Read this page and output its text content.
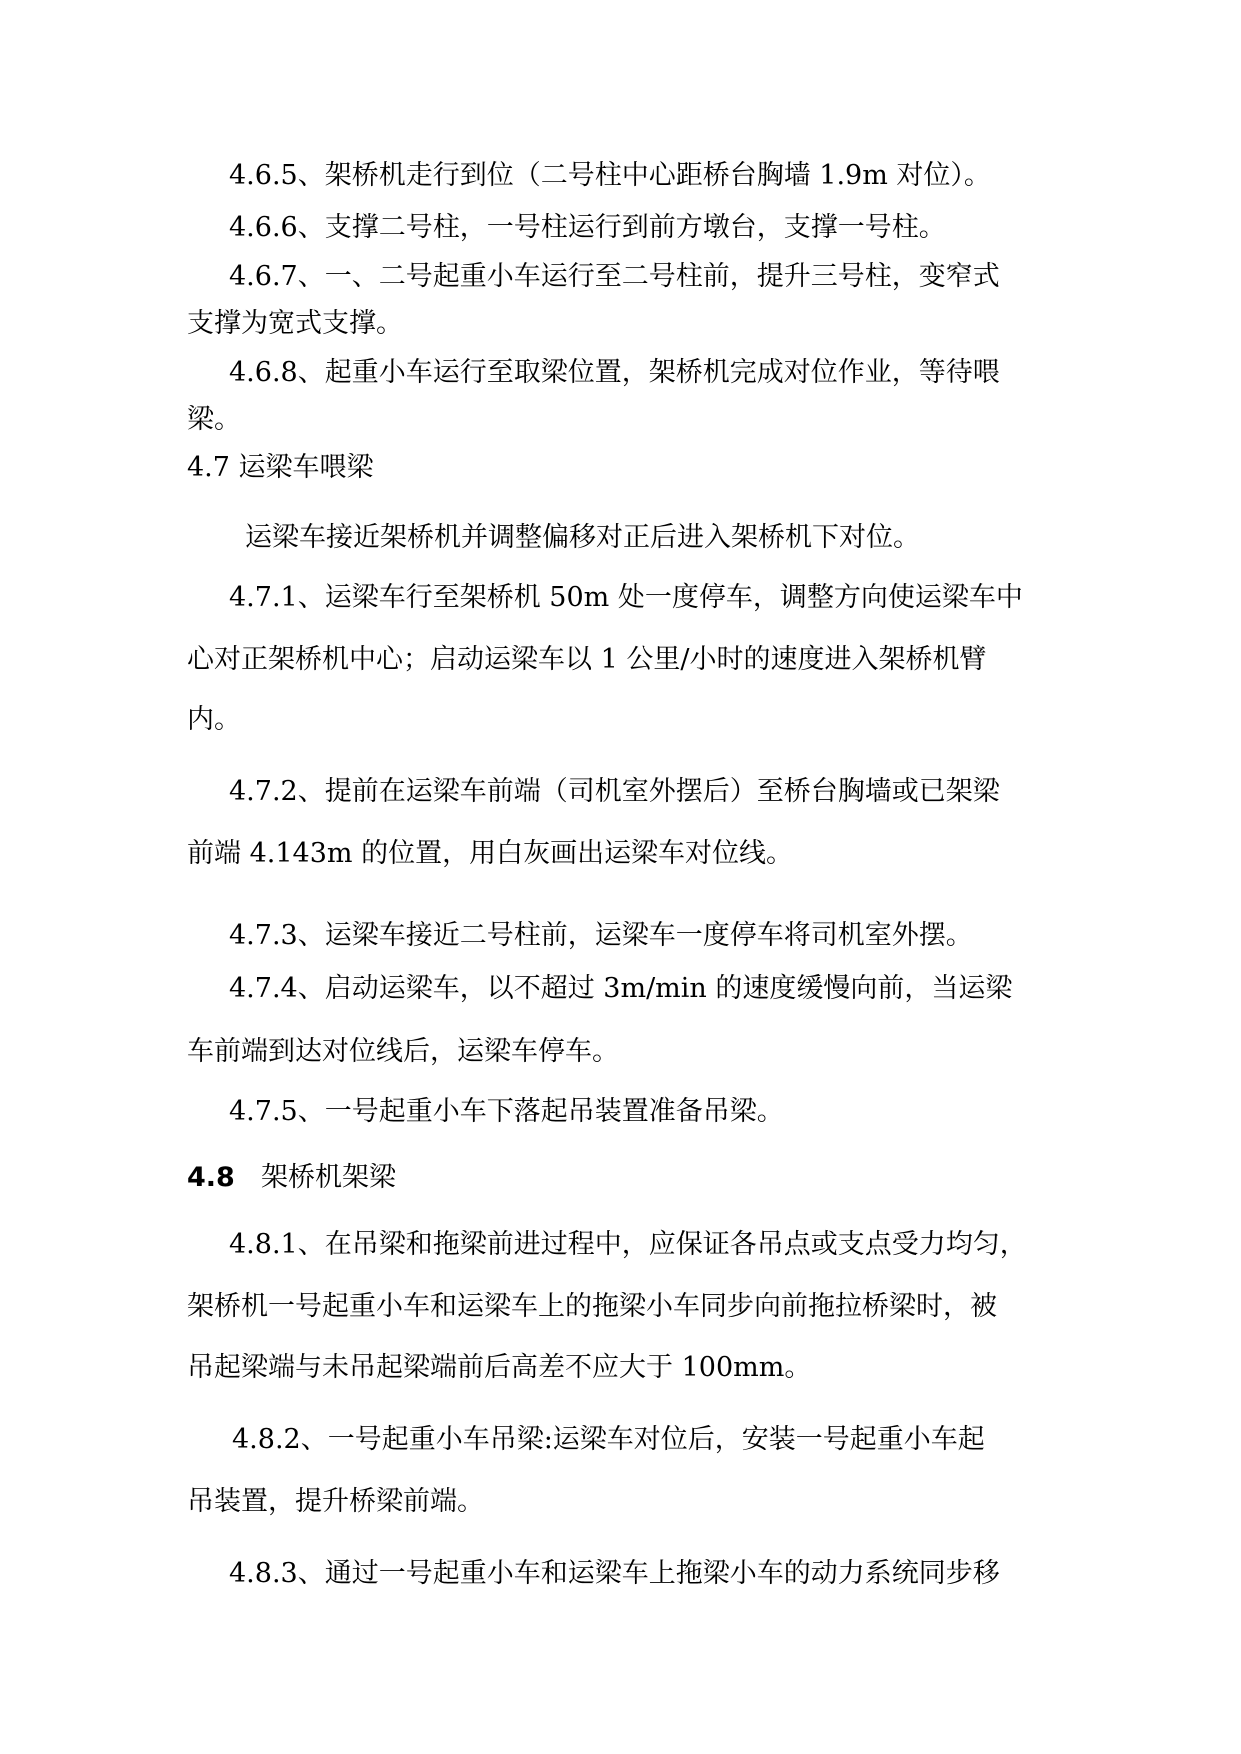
4.6.5、架桥机走行到位（二号柱中心距桥台胸墙 1.9m 对位）。
4.6.6、支撑二号柱，一号柱运行到前方墩台，支撑一号柱。
4.6.7、一、二号起重小车运行至二号柱前，提升三号柱，变窄式
支撑为宽式支撑。
4.6.8、起重小车运行至取梁位置，架桥机完成对位作业，等待喂
梁。
4.7 运梁车喂梁
运梁车接近架桥机并调整偏移对正后进入架桥机下对位。
4.7.1、运梁车行至架桥机 50m 处一度停车，调整方向使运梁车中
心对正架桥机中心；启动运梁车以 1 公里/小时的速度进入架桥机臂
内。
4.7.2、提前在运梁车前端（司机室外摆后）至桥台胸墙或已架梁
前端 4.143m 的位置，用白灰画出运梁车对位线。
4.7.3、运梁车接近二号柱前，运梁车一度停车将司机室外摆。
4.7.4、启动运梁车，以不超过 3m/min 的速度缓慢向前，当运梁
车前端到达对位线后，运梁车停车。
4.7.5、一号起重小车下落起吊装置准备吊梁。
4.8 架桥机架梁
4.8.1、在吊梁和拖梁前进过程中，应保证各吊点或支点受力均匀，
架桥机一号起重小车和运梁车上的拖梁小车同步向前拖拉桥梁时，被
吊起梁端与未吊起梁端前后高差不应大于 100mm。
4.8.2、一号起重小车吊梁:运梁车对位后，安装一号起重小车起
吊装置，提升桥梁前端。
4.8.3、通过一号起重小车和运梁车上拖梁小车的动力系统同步移
